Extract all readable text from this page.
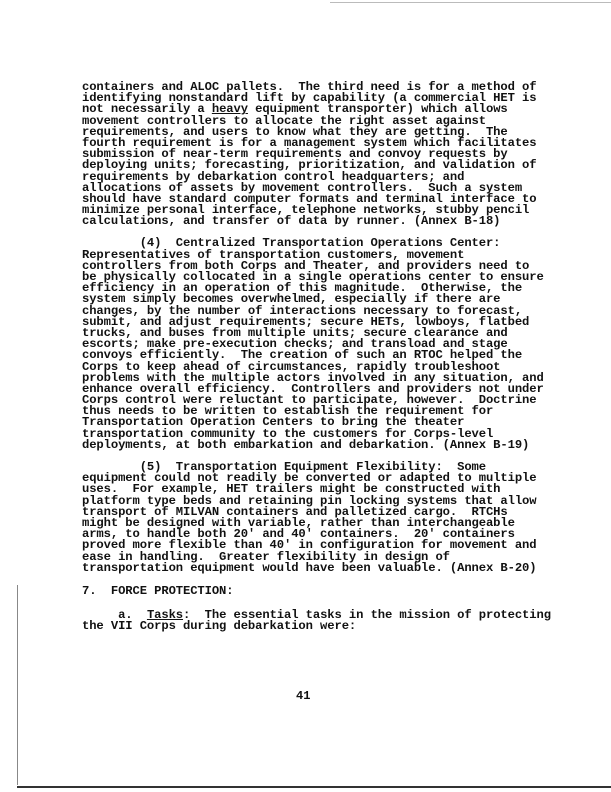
containers and ALOC pallets.  The third need is for a method of
identifying nonstandard lift by capability (a commercial HET is
not necessarily a heavy equipment transporter) which allows
movement controllers to allocate the right asset against
requirements, and users to know what they are getting.  The
fourth requirement is for a management system which facilitates
submission of near-term requirements and convoy requests by
deploying units; forecasting, prioritization, and validation of
requirements by debarkation control headquarters; and
allocations of assets by movement controllers.  Such a system
should have standard computer formats and terminal interface to
minimize personal interface, telephone networks, stubby pencil
calculations, and transfer of data by runner. (Annex B-18)
(4)  Centralized Transportation Operations Center:
Representatives of transportation customers, movement
controllers from both Corps and Theater, and providers need to
be physically collocated in a single operations center to ensure
efficiency in an operation of this magnitude.  Otherwise, the
system simply becomes overwhelmed, especially if there are
changes, by the number of interactions necessary to forecast,
submit, and adjust requirements; secure HETs, lowboys, flatbed
trucks, and buses from multiple units; secure clearance and
escorts; make pre-execution checks; and transload and stage
convoys efficiently.  The creation of such an RTOC helped the
Corps to keep ahead of circumstances, rapidly troubleshoot
problems with the multiple actors involved in any situation, and
enhance overall efficiency.  Controllers and providers not under
Corps control were reluctant to participate, however.  Doctrine
thus needs to be written to establish the requirement for
Transportation Operation Centers to bring the theater
transportation community to the customers for Corps-level
deployments, at both embarkation and debarkation. (Annex B-19)
(5)  Transportation Equipment Flexibility:  Some
equipment could not readily be converted or adapted to multiple
uses.  For example, HET trailers might be constructed with
platform type beds and retaining pin locking systems that allow
transport of MILVAN containers and palletized cargo.  RTCHs
might be designed with variable, rather than interchangeable
arms, to handle both 20' and 40' containers.  20' containers
proved more flexible than 40' in configuration for movement and
ease in handling.  Greater flexibility in design of
transportation equipment would have been valuable. (Annex B-20)
7.  FORCE PROTECTION:
a.  Tasks:  The essential tasks in the mission of protecting
the VII Corps during debarkation were:
41
